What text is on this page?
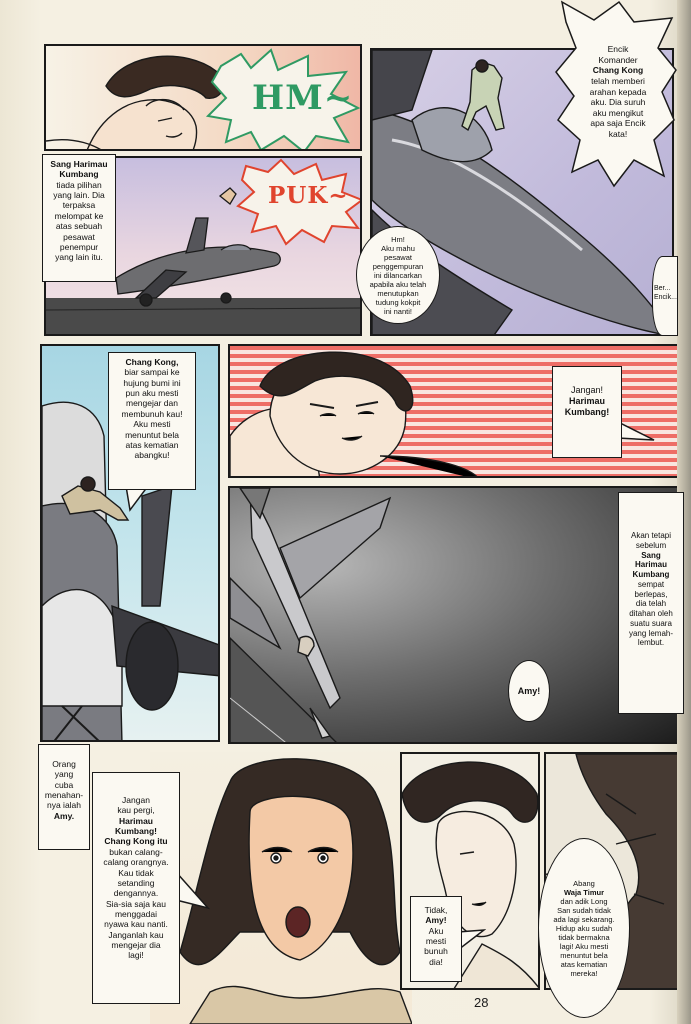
HM~
PUK~
Sang Harimau
Kumbang
tiada pilihan
yang lain. Dia
terpaksa
melompat ke
atas sebuah
pesawat
penempur
yang lain itu.
Hm!
Aku mahu
pesawat
penggempuran
ini dilancarkan
apabila aku telah
menutupkan
tudung kokpit
ini nanti!
Encik
Komander
Chang Kong
telah memberi
arahan kepada
aku. Dia suruh
aku mengikut
apa saja Encik
kata!
Ber... Encik...
Chang Kong,
biar sampai ke
hujung bumi ini
pun aku mesti
mengejar dan
membunuh kau!
Aku mesti
menuntut bela
atas kematian
abangku!
Jangan!
Harimau
Kumbang!
Amy!
Akan tetapi
sebelum
Sang
Harimau
Kumbang
sempat
berlepas,
dia telah
ditahan oleh
suatu suara
yang lemah-
lembut.
Orang
yang
cuba
menahan-
nya ialah
Amy.
Jangan
kau pergi,
Harimau
Kumbang!
Chang Kong itu
bukan calang-
calang orangnya.
Kau tidak
setanding
dengannya.
Sia-sia saja kau
menggadai
nyawa kau nanti.
Janganlah kau
mengejar dia
lagi!
Tidak,
Amy!
Aku
mesti
bunuh
dia!
Abang
Waja Timur
dan adik Long
San sudah tidak
ada lagi sekarang.
Hidup aku sudah
tidak bermakna
lagi! Aku mesti
menuntut bela
atas kematian
mereka!
28
